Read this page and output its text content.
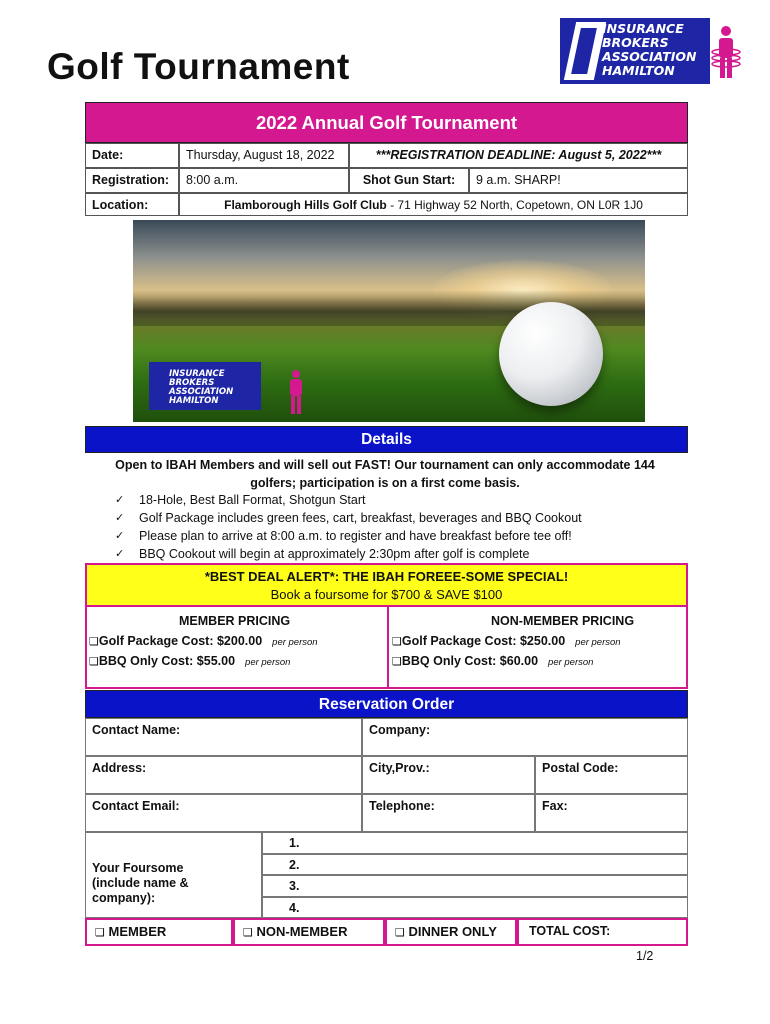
Golf Tournament
INSURANCE
BROKERS
ASSOCIATION
HAMILTON
2022 Annual Golf Tournament
Date:	Thursday, August 18, 2022	***REGISTRATION DEADLINE: August 5, 2022***
Registration:	8:00 a.m.	Shot Gun Start:	9 a.m. SHARP!
Location:	Flamborough Hills Golf Club - 71 Highway 52 North, Copetown, ON L0R 1J0
INSURANCE
BROKERS
ASSOCIATION
HAMILTON
Details
Open to IBAH Members and will sell out FAST! Our tournament can only accommodate 144 golfers; participation is on a first come basis.
✓ 18-Hole, Best Ball Format, Shotgun Start
✓ Golf Package includes green fees, cart, breakfast, beverages and BBQ Cookout
✓ Please plan to arrive at 8:00 a.m. to register and have breakfast before tee off!
✓ BBQ Cookout will begin at approximately 2:30pm after golf is complete
*BEST DEAL ALERT*: THE IBAH FOREEE-SOME SPECIAL!
Book a foursome for $700 & SAVE $100
MEMBER PRICING
❑Golf Package Cost: $200.00 per person
❑BBQ Only Cost: $55.00 per person
NON-MEMBER PRICING
❑Golf Package Cost: $250.00 per person
❑BBQ Only Cost: $60.00 per person
Reservation Order
Contact Name:	Company:
Address:	City,Prov.:	Postal Code:
Contact Email:	Telephone:	Fax:
Your Foursome
(include name & company):
1.
2.
3.
4.
❑ MEMBER	❑ NON-MEMBER	❑ DINNER ONLY	TOTAL COST:
1/2
